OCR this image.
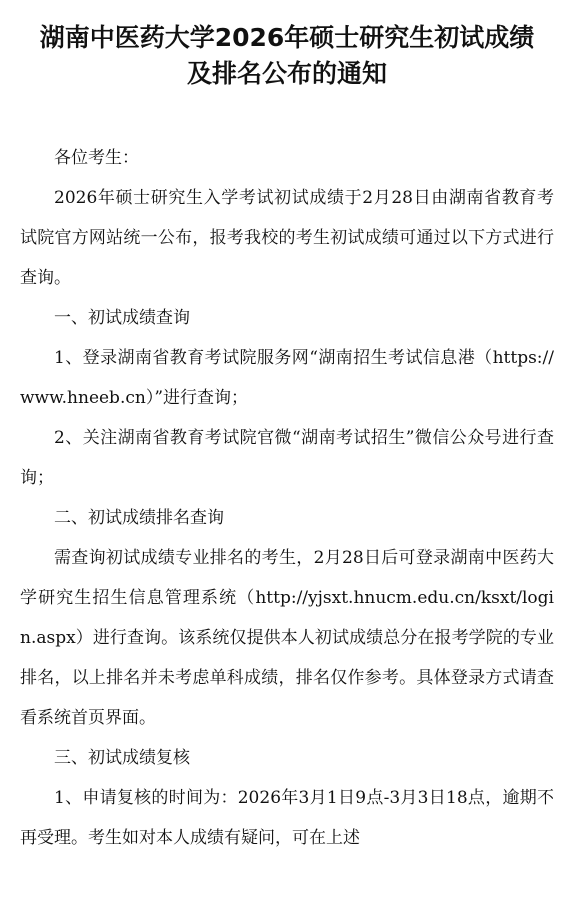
湖南中医药大学2026年硕士研究生初试成绩
及排名公布的通知

各位考生：

2026年硕士研究生入学考试初试成绩于2月28日由湖南省教育考试院官方网站统一公布，报考我校的考生初试成绩可通过以下方式进行查询。

一、初试成绩查询

1、登录湖南省教育考试院服务网“湖南招生考试信息港（https://www.hneeb.cn）”进行查询；

2、关注湖南省教育考试院官微“湖南考试招生”微信公众号进行查询；

二、初试成绩排名查询

需查询初试成绩专业排名的考生，2月28日后可登录湖南中医药大学研究生招生信息管理系统（http://yjsxt.hnucm.edu.cn/ksxt/login.aspx）进行查询。该系统仅提供本人初试成绩总分在报考学院的专业排名，以上排名并未考虑单科成绩，排名仅作参考。具体登录方式请查看系统首页界面。

三、初试成绩复核

1、申请复核的时间为：2026年3月1日9点-3月3日18点，逾期不再受理。考生如对本人成绩有疑问，可在上述
